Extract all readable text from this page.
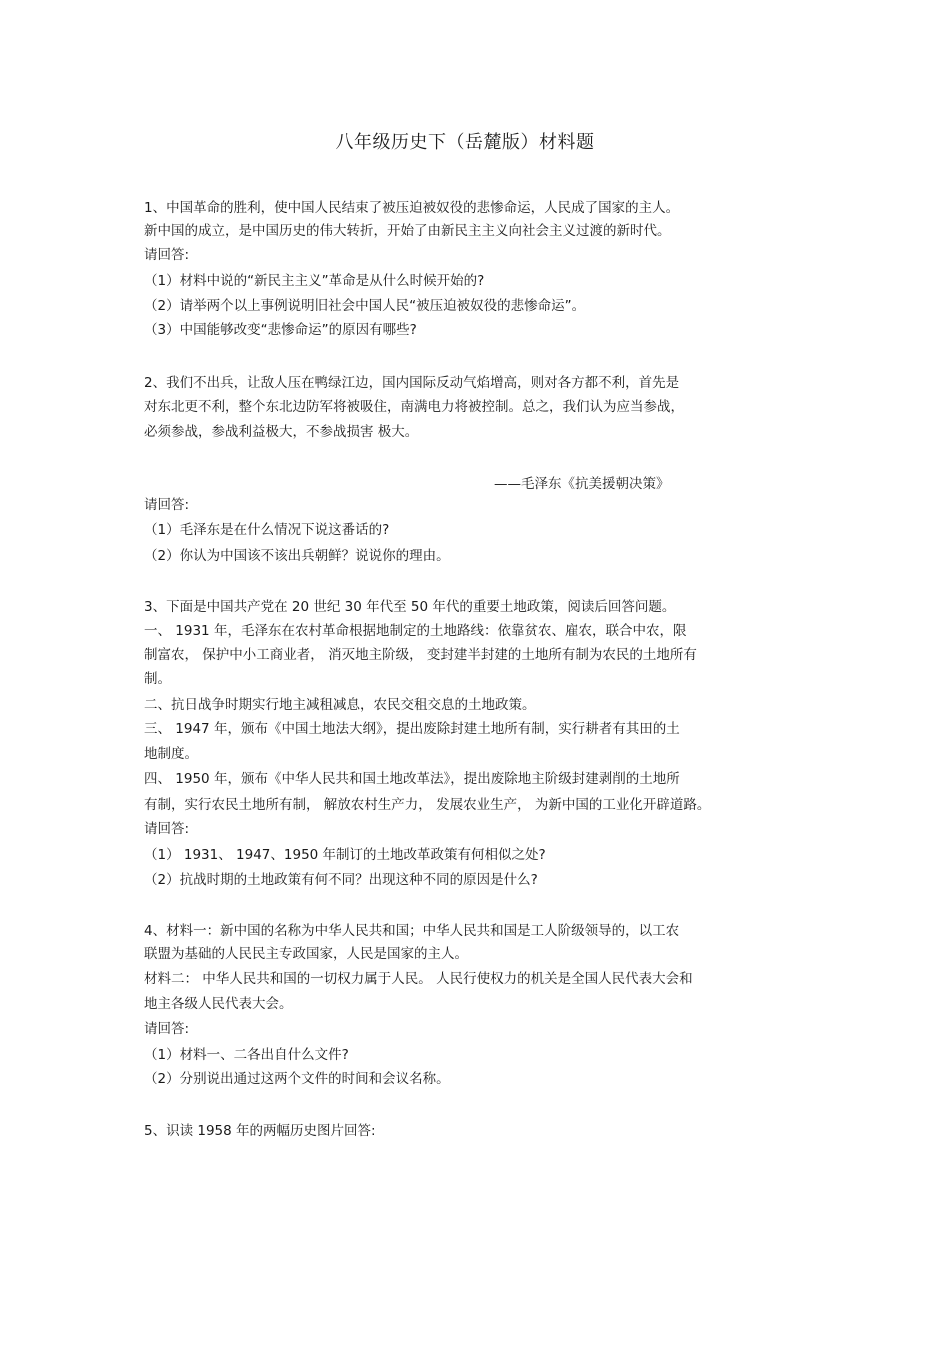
八年级历史下（岳麓版）材料题
1、中国革命的胜利，使中国人民结束了被压迫被奴役的悲惨命运，人民成了国家的主人。
新中国的成立，是中国历史的伟大转折，开始了由新民主主义向社会主义过渡的新时代。
请回答:
（1）材料中说的“新民主主义”革命是从什么时候开始的?
（2）请举两个以上事例说明旧社会中国人民“被压迫被奴役的悲惨命运”。
（3）中国能够改变“悲惨命运”的原因有哪些?
2、我们不出兵，让敌人压在鸭绿江边，国内国际反动气焰增高，则对各方都不利，首先是
对东北更不利，整个东北边防军将被吸住，南满电力将被控制。总之，我们认为应当参战，
必须参战，参战利益极大，不参战损害 极大。
——毛泽东《抗美援朝决策》
请回答:
（1）毛泽东是在什么情况下说这番话的?
（2）你认为中国该不该出兵朝鲜？说说你的理由。
3、下面是中国共产党在 20 世纪 30 年代至 50 年代的重要土地政策，阅读后回答问题。
一、 1931 年，毛泽东在农村革命根据地制定的土地路线：依靠贫农、雇农，联合中农，限
制富农， 保护中小工商业者， 消灭地主阶级， 变封建半封建的土地所有制为农民的土地所有
制。
二、抗日战争时期实行地主减租减息，农民交租交息的土地政策。
三、 1947 年，颁布《中国土地法大纲》，提出废除封建土地所有制，实行耕者有其田的土
地制度。
四、 1950 年，颁布《中华人民共和国土地改革法》，提出废除地主阶级封建剥削的土地所
有制，实行农民土地所有制， 解放农村生产力， 发展农业生产， 为新中国的工业化开辟道路。
请回答:
（1） 1931、 1947、1950 年制订的土地改革政策有何相似之处?
（2）抗战时期的土地政策有何不同？出现这种不同的原因是什么?
4、材料一：新中国的名称为中华人民共和国；中华人民共和国是工人阶级领导的，以工农
联盟为基础的人民民主专政国家，人民是国家的主人。
材料二： 中华人民共和国的一切权力属于人民。 人民行使权力的机关是全国人民代表大会和
地主各级人民代表大会。
请回答:
（1）材料一、二各出自什么文件?
（2）分别说出通过这两个文件的时间和会议名称。
5、识读 1958 年的两幅历史图片回答:
